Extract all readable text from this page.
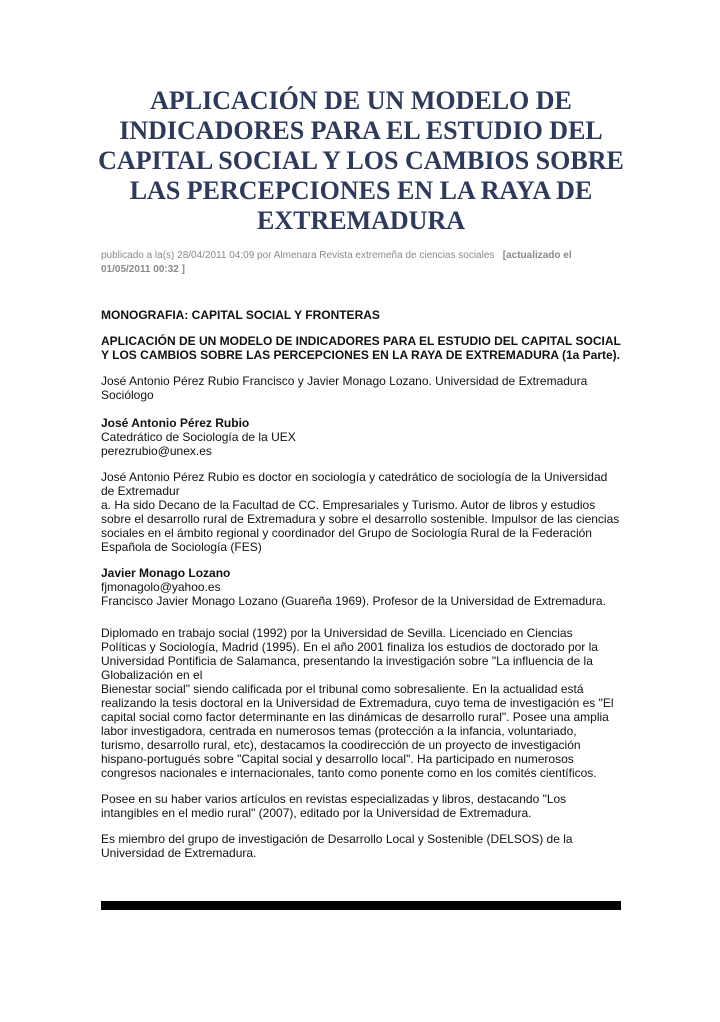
APLICACIÓN DE UN MODELO DE INDICADORES PARA EL ESTUDIO DEL CAPITAL SOCIAL Y LOS CAMBIOS SOBRE LAS PERCEPCIONES EN LA RAYA DE EXTREMADURA
publicado a la(s) 28/04/2011 04:09 por Almenara Revista extremeña de ciencias sociales [actualizado el 01/05/2011 00:32 ]

MONOGRAFIA: CAPITAL SOCIAL Y FRONTERAS

APLICACIÓN DE UN MODELO DE INDICADORES PARA EL ESTUDIO DEL CAPITAL SOCIAL Y LOS CAMBIOS SOBRE LAS PERCEPCIONES EN LA RAYA DE EXTREMADURA (1a Parte).

José Antonio Pérez Rubio Francisco y Javier Monago Lozano. Universidad de Extremadura

Sociólogo

José Antonio Pérez Rubio

Catedrático de Sociología de la UEX

perezrubio@unex.es

José Antonio Pérez Rubio es doctor en sociología y catedrático de sociología de la Universidad de Extremadur

a. Ha sido Decano de la Facultad de CC. Empresariales y Turismo. Autor de libros y estudios sobre el desarrollo rural de Extremadura y sobre el desarrollo sostenible. Impulsor de las ciencias sociales en el ámbito regional y coordinador del Grupo de Sociología Rural de la Federación Española de Sociología (FES)

Javier Monago Lozano

fjmonagolo@yahoo.es

Francisco Javier Monago Lozano (Guareña 1969). Profesor de la Universidad de Extremadura.

Diplomado en trabajo social (1992) por la Universidad de Sevilla. Licenciado en Ciencias Políticas y Sociología, Madrid (1995). En el año 2001 finaliza los estudios de doctorado por la Universidad Pontificia de Salamanca, presentando la investigación sobre "La influencia de la Globalización en el

Bienestar social" siendo calificada por el tribunal como sobresaliente. En la actualidad está realizando la tesis doctoral en la Universidad de Extremadura, cuyo tema de investigación es "El capital social como factor determinante en las dinámicas de desarrollo rural". Posee una amplia labor investigadora, centrada en numerosos temas (protección a la infancia, voluntariado, turismo, desarrollo rural, etc), destacamos la coodirección de un proyecto de investigación hispano-portugués sobre "Capital social y desarrollo local". Ha participado en numerosos congresos nacionales e internacionales, tanto como ponente como en los comités científicos.

Posee en su haber varios artículos en revistas especializadas y libros, destacando "Los intangibles en el medio rural" (2007), editado por la Universidad de Extremadura.

Es miembro del grupo de investigación de Desarrollo Local y Sostenible (DELSOS) de la Universidad de Extremadura.
